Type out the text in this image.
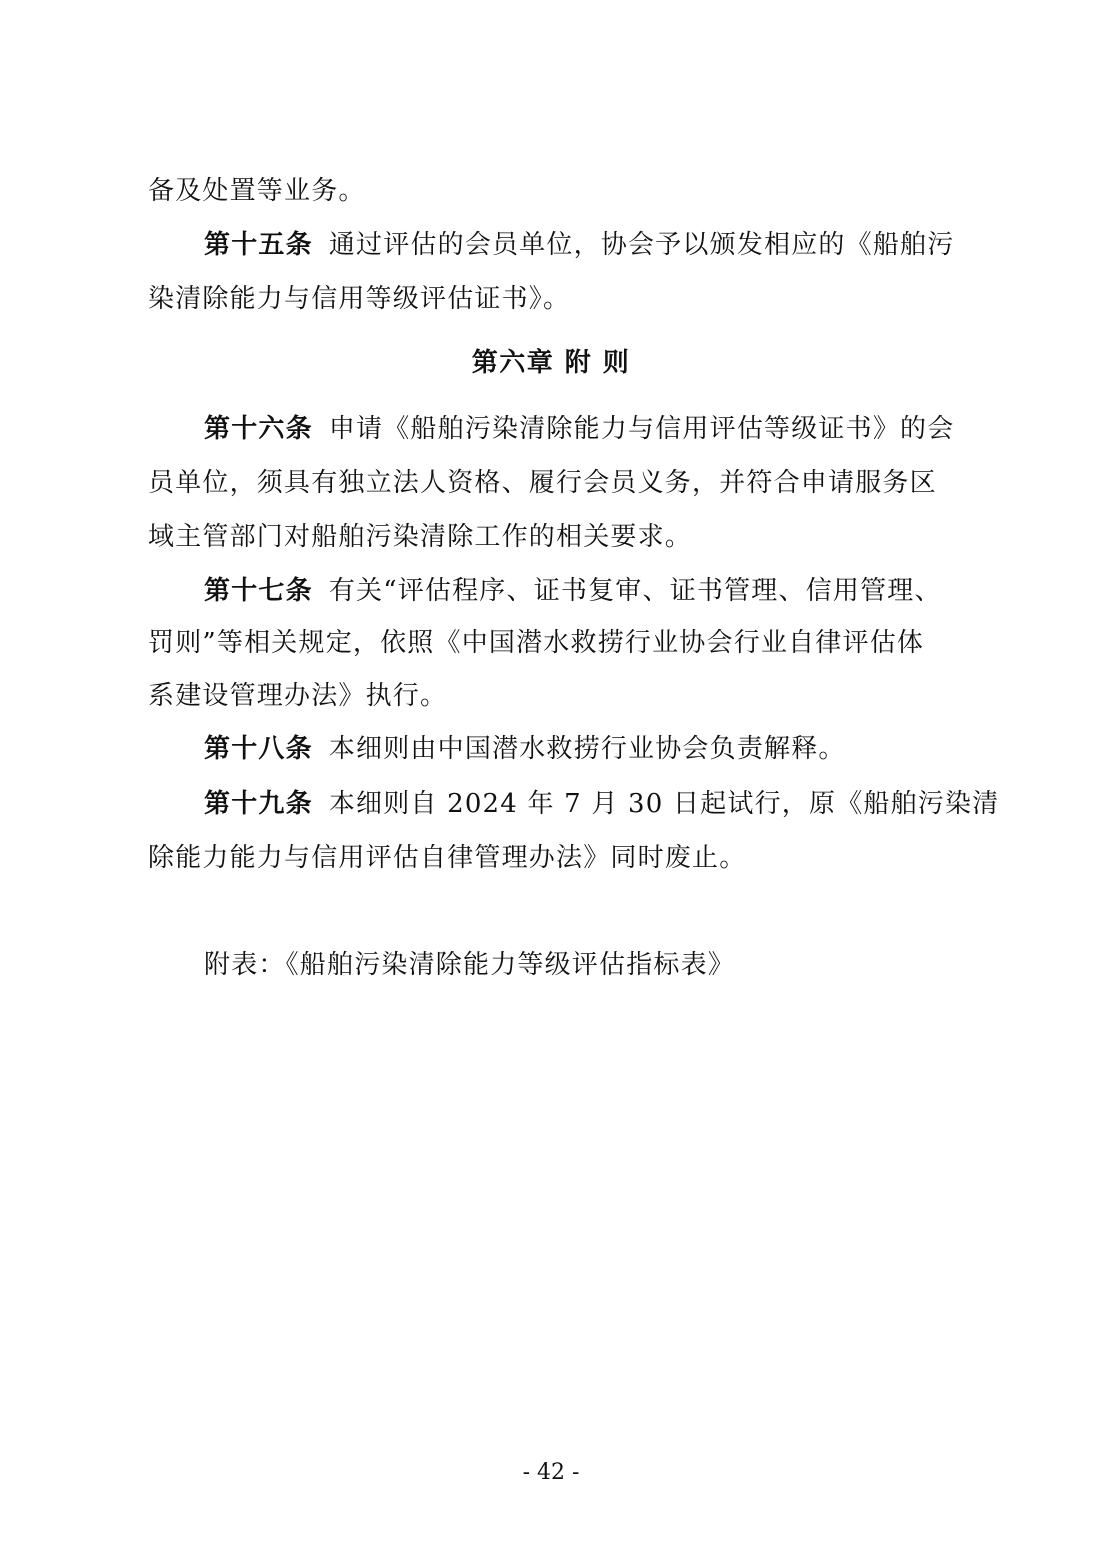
备及处置等业务。
第十五条 通过评估的会员单位，协会予以颁发相应的《船舶污
染清除能力与信用等级评估证书》。
第六章 附 则
第十六条 申请《船舶污染清除能力与信用评估等级证书》的会
员单位，须具有独立法人资格、履行会员义务，并符合申请服务区
域主管部门对船舶污染清除工作的相关要求。
第十七条 有关“评估程序、证书复审、证书管理、信用管理、
罚则”等相关规定，依照《中国潜水救捞行业协会行业自律评估体
系建设管理办法》执行。
第十八条 本细则由中国潜水救捞行业协会负责解释。
第十九条 本细则自 2024 年 7 月 30 日起试行，原《船舶污染清
除能力能力与信用评估自律管理办法》同时废止。
附表：《船舶污染清除能力等级评估指标表》
- 42 -
